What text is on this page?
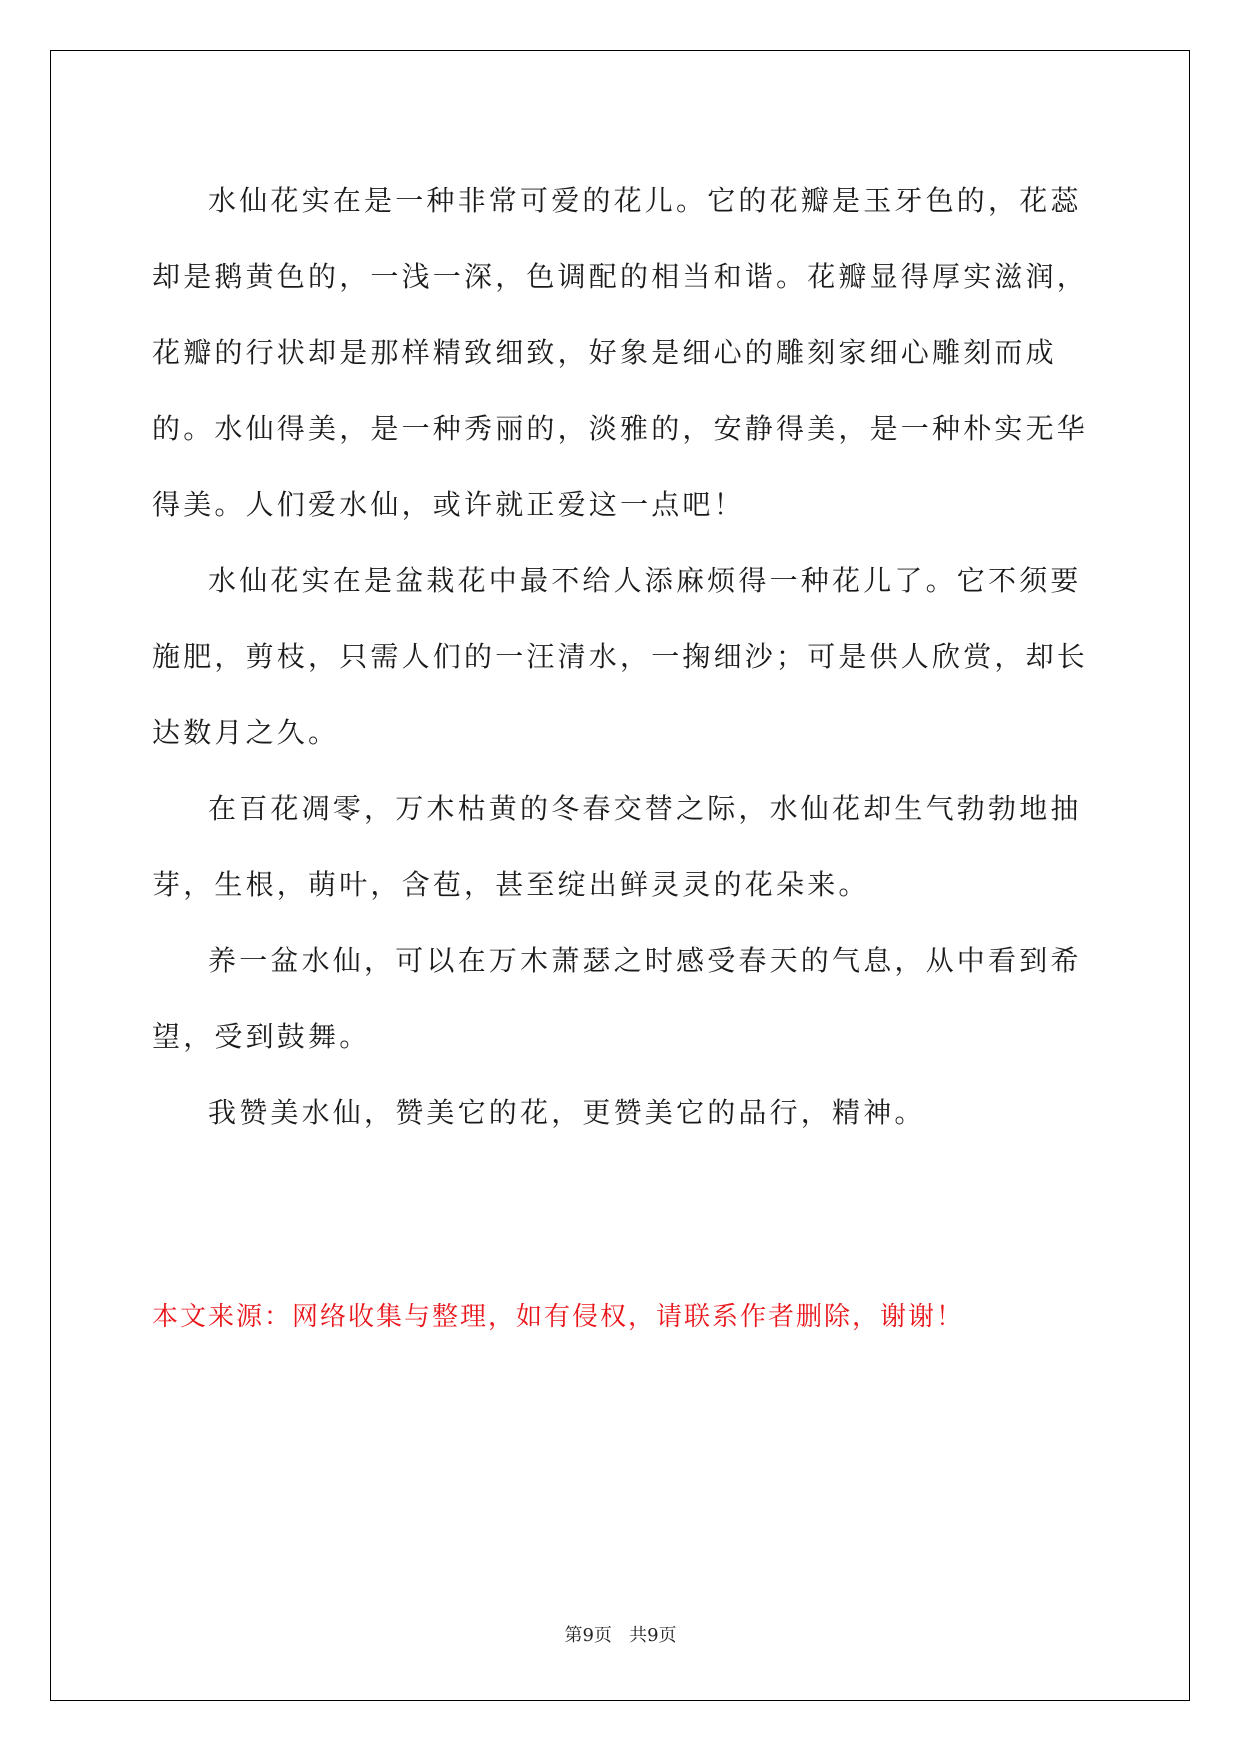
水仙花实在是一种非常可爱的花儿。它的花瓣是玉牙色的，花蕊却是鹅黄色的，一浅一深，色调配的相当和谐。花瓣显得厚实滋润，花瓣的行状却是那样精致细致，好象是细心的雕刻家细心雕刻而成的。水仙得美，是一种秀丽的，淡雅的，安静得美，是一种朴实无华得美。人们爱水仙，或许就正爱这一点吧！

水仙花实在是盆栽花中最不给人添麻烦得一种花儿了。它不须要施肥，剪枝，只需人们的一汪清水，一掬细沙；可是供人欣赏，却长达数月之久。

在百花凋零，万木枯黄的冬春交替之际，水仙花却生气勃勃地抽芽，生根，萌叶，含苞，甚至绽出鲜灵灵的花朵来。

养一盆水仙，可以在万木萧瑟之时感受春天的气息，从中看到希望，受到鼓舞。

我赞美水仙，赞美它的花，更赞美它的品行，精神。

本文来源：网络收集与整理，如有侵权，请联系作者删除，谢谢！
第9页   共9页
